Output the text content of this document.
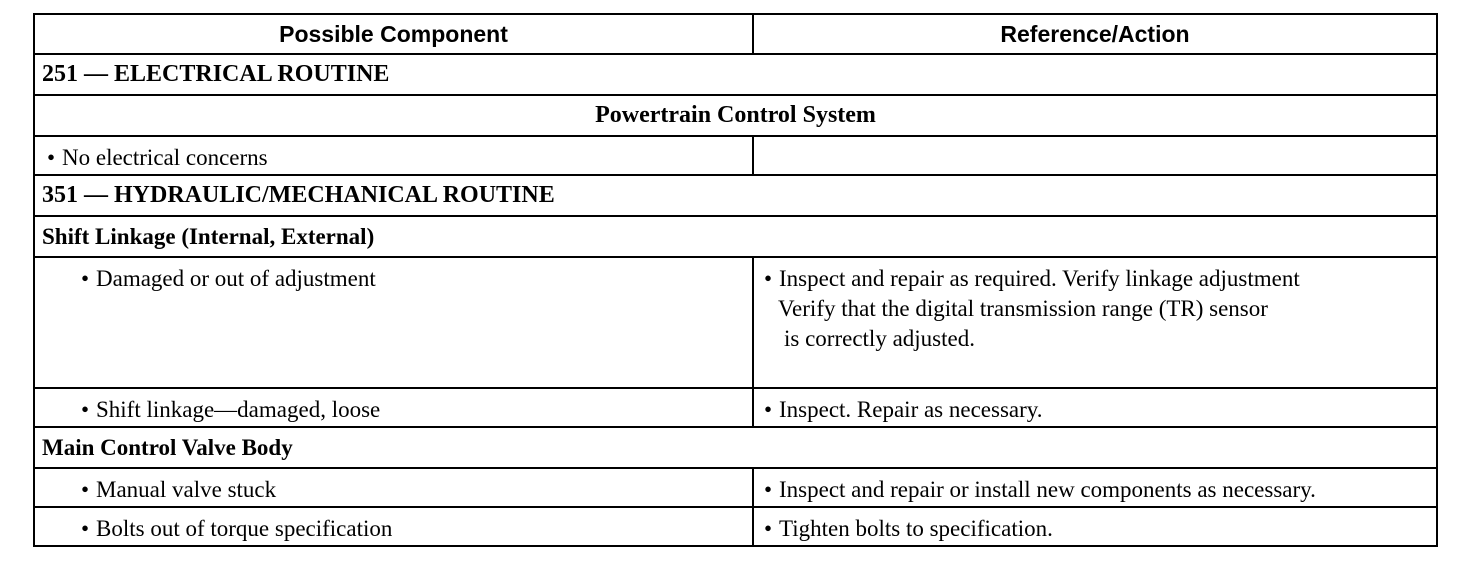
Possible Component	Reference/Action
251 — ELECTRICAL ROUTINE	
Powertrain Control System	
• No electrical concerns	
351 — HYDRAULIC/MECHANICAL ROUTINE	
Shift Linkage (Internal, External)	
• Damaged or out of adjustment	• Inspect and repair as required. Verify linkage adjustment
Verify that the digital transmission range (TR) sensor
is correctly adjusted.

• Shift linkage—damaged, loose	• Inspect. Repair as necessary.
Main Control Valve Body	
• Manual valve stuck	• Inspect and repair or install new components as necessary.
• Bolts out of torque specification	• Tighten bolts to specification.
